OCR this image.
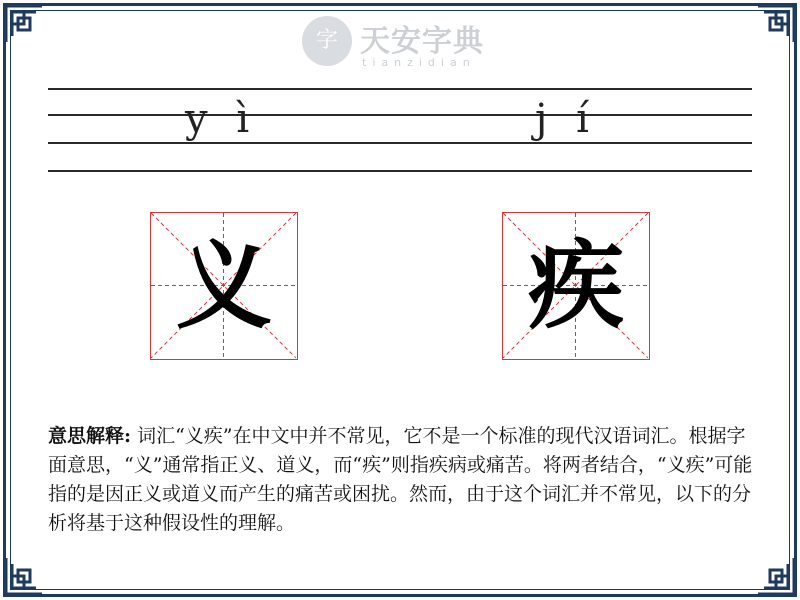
字 天安字典
tianzidian
y ì	j í
义	疾
意思解释: 词汇“义疾”在中文中并不常见，它不是一个标准的现代汉语词汇。根据字面意思，“义”通常指正义、道义，而“疾”则指疾病或痛苦。将两者结合，“义疾”可能指的是因正义或道义而产生的痛苦或困扰。然而，由于这个词汇并不常见，以下的分析将基于这种假设性的理解。
